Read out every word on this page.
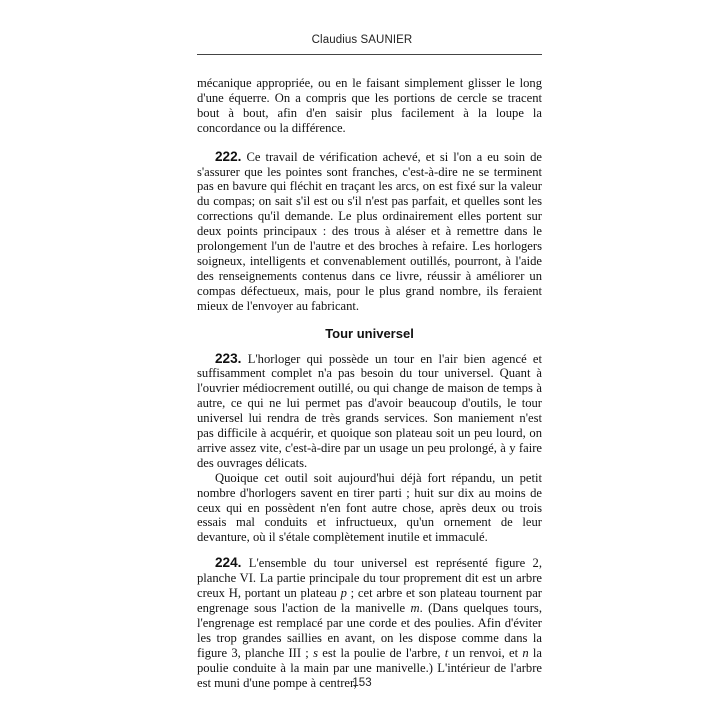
Claudius SAUNIER

mécanique appropriée, ou en le faisant simplement glisser le long d'une équerre. On a compris que les portions de cercle se tracent bout à bout, afin d'en saisir plus facilement à la loupe la concordance ou la différence.

222. Ce travail de vérification achevé, et si l'on a eu soin de s'assurer que les pointes sont franches, c'est-à-dire ne se terminent pas en bavure qui fléchit en traçant les arcs, on est fixé sur la valeur du compas; on sait s'il est ou s'il n'est pas parfait, et quelles sont les corrections qu'il demande. Le plus ordinairement elles portent sur deux points principaux : des trous à aléser et à remettre dans le prolongement l'un de l'autre et des broches à refaire. Les horlogers soigneux, intelligents et convenablement outillés, pourront, à l'aide des renseignements contenus dans ce livre, réussir à améliorer un compas défectueux, mais, pour le plus grand nombre, ils feraient mieux de l'envoyer au fabricant.

Tour universel

223. L'horloger qui possède un tour en l'air bien agencé et suffisamment complet n'a pas besoin du tour universel. Quant à l'ouvrier médiocrement outillé, ou qui change de maison de temps à autre, ce qui ne lui permet pas d'avoir beaucoup d'outils, le tour universel lui rendra de très grands services. Son maniement n'est pas difficile à acquérir, et quoique son plateau soit un peu lourd, on arrive assez vite, c'est-à-dire par un usage un peu prolongé, à y faire des ouvrages délicats.

Quoique cet outil soit aujourd'hui déjà fort répandu, un petit nombre d'horlogers savent en tirer parti ; huit sur dix au moins de ceux qui en possèdent n'en font autre chose, après deux ou trois essais mal conduits et infructueux, qu'un ornement de leur devanture, où il s'étale complètement inutile et immaculé.

224. L'ensemble du tour universel est représenté figure 2, planche VI. La partie principale du tour proprement dit est un arbre creux H, portant un plateau p ; cet arbre et son plateau tournent par engrenage sous l'action de la manivelle m. (Dans quelques tours, l'engrenage est remplacé par une corde et des poulies. Afin d'éviter les trop grandes saillies en avant, on les dispose comme dans la figure 3, planche III ; s est la poulie de l'arbre, t un renvoi, et n la poulie conduite à la main par une manivelle.) L'intérieur de l'arbre est muni d'une pompe à centrer,

153
